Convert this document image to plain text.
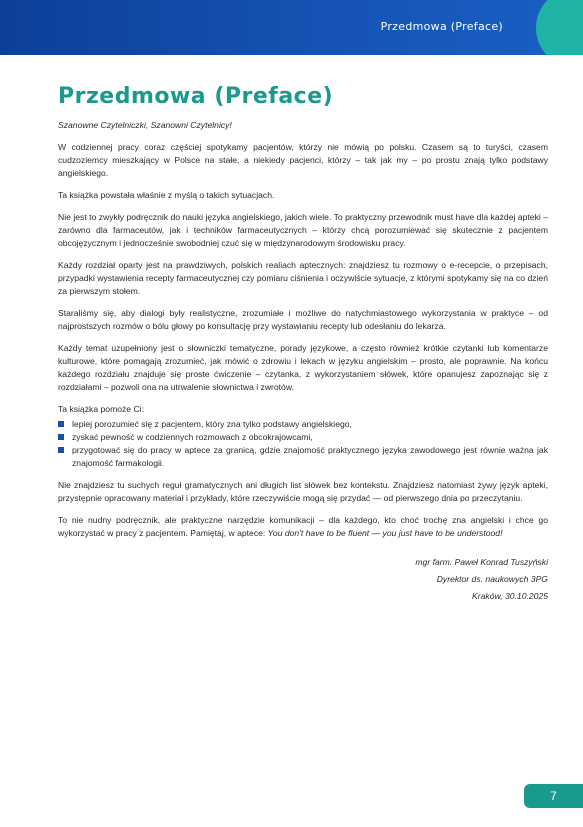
Przedmowa (Preface)
Przedmowa (Preface)

Szanowne Czytelniczki, Szanowni Czytelnicy!

W codziennej pracy coraz częściej spotykamy pacjentów, którzy nie mówią po polsku. Czasem są to turyści, czasem cudzoziemcy mieszkający w Polsce na stałe, a niekiedy pacjenci, którzy – tak jak my – po prostu znają tylko podstawy angielskiego.

Ta książka powstała właśnie z myślą o takich sytuacjach.

Nie jest to zwykły podręcznik do nauki języka angielskiego, jakich wiele. To praktyczny przewodnik must have dla każdej apteki – zarówno dla farmaceutów, jak i techników farmaceutycznych – którzy chcą porozumiewać się skutecznie z pacjentem obcojęzycznym i jednocześnie swobodniej czuć się w międzynarodowym środowisku pracy.

Każdy rozdział oparty jest na prawdziwych, polskich realiach aptecznych: znajdziesz tu rozmowy o e-recepcie, o przepisach, przypadki wystawienia recepty farmaceutycznej czy pomiaru ciśnienia i oczywiście sytuacje, z którymi spotykamy się na co dzień za pierwszym stołem.

Staraliśmy się, aby dialogi były realistyczne, zrozumiałe i możliwe do natychmiastowego wykorzystania w praktyce – od najprostszych rozmów o bólu głowy po konsultację przy wystawianiu recepty lub odesłaniu do lekarza.

Każdy temat uzupełniony jest o słowniczki tematyczne, porady językowe, a często również krótkie czytanki lub komentarze kulturowe, które pomagają zrozumieć, jak mówić o zdrowiu i lekach w języku angielskim – prosto, ale poprawnie. Na końcu każdego rozdziału znajduje się proste ćwiczenie – czytanka, z wykorzystaniem słówek, które opanujesz zapoznając się z rozdziałami – pozwoli ona na utrwalenie słownictwa i zwrotów.

Ta książka pomoże Ci:

lepiej porozumieć się z pacjentem, który zna tylko podstawy angielskiego,
zyskać pewność w codziennych rozmowach z obcokrajowcami,
przygotować się do pracy w aptece za granicą, gdzie znajomość praktycznego języka zawodowego jest równie ważna jak znajomość farmakologii.

Nie znajdziesz tu suchych reguł gramatycznych ani długich list słówek bez kontekstu. Znajdziesz natomiast żywy język apteki, przystępnie opracowany materiał i przykłady, które rzeczywiście mogą się przydać — od pierwszego dnia po przeczytaniu.

To nie nudny podręcznik, ale praktyczne narzędzie komunikacji – dla każdego, kto choć trochę zna angielski i chce go wykorzystać w pracy z pacjentem. Pamiętaj, w aptece: You don't have to be fluent — you just have to be understood!

mgr farm. Paweł Konrad Tuszyński
Dyrektor ds. naukowych 3PG
Kraków, 30.10.2025
7
